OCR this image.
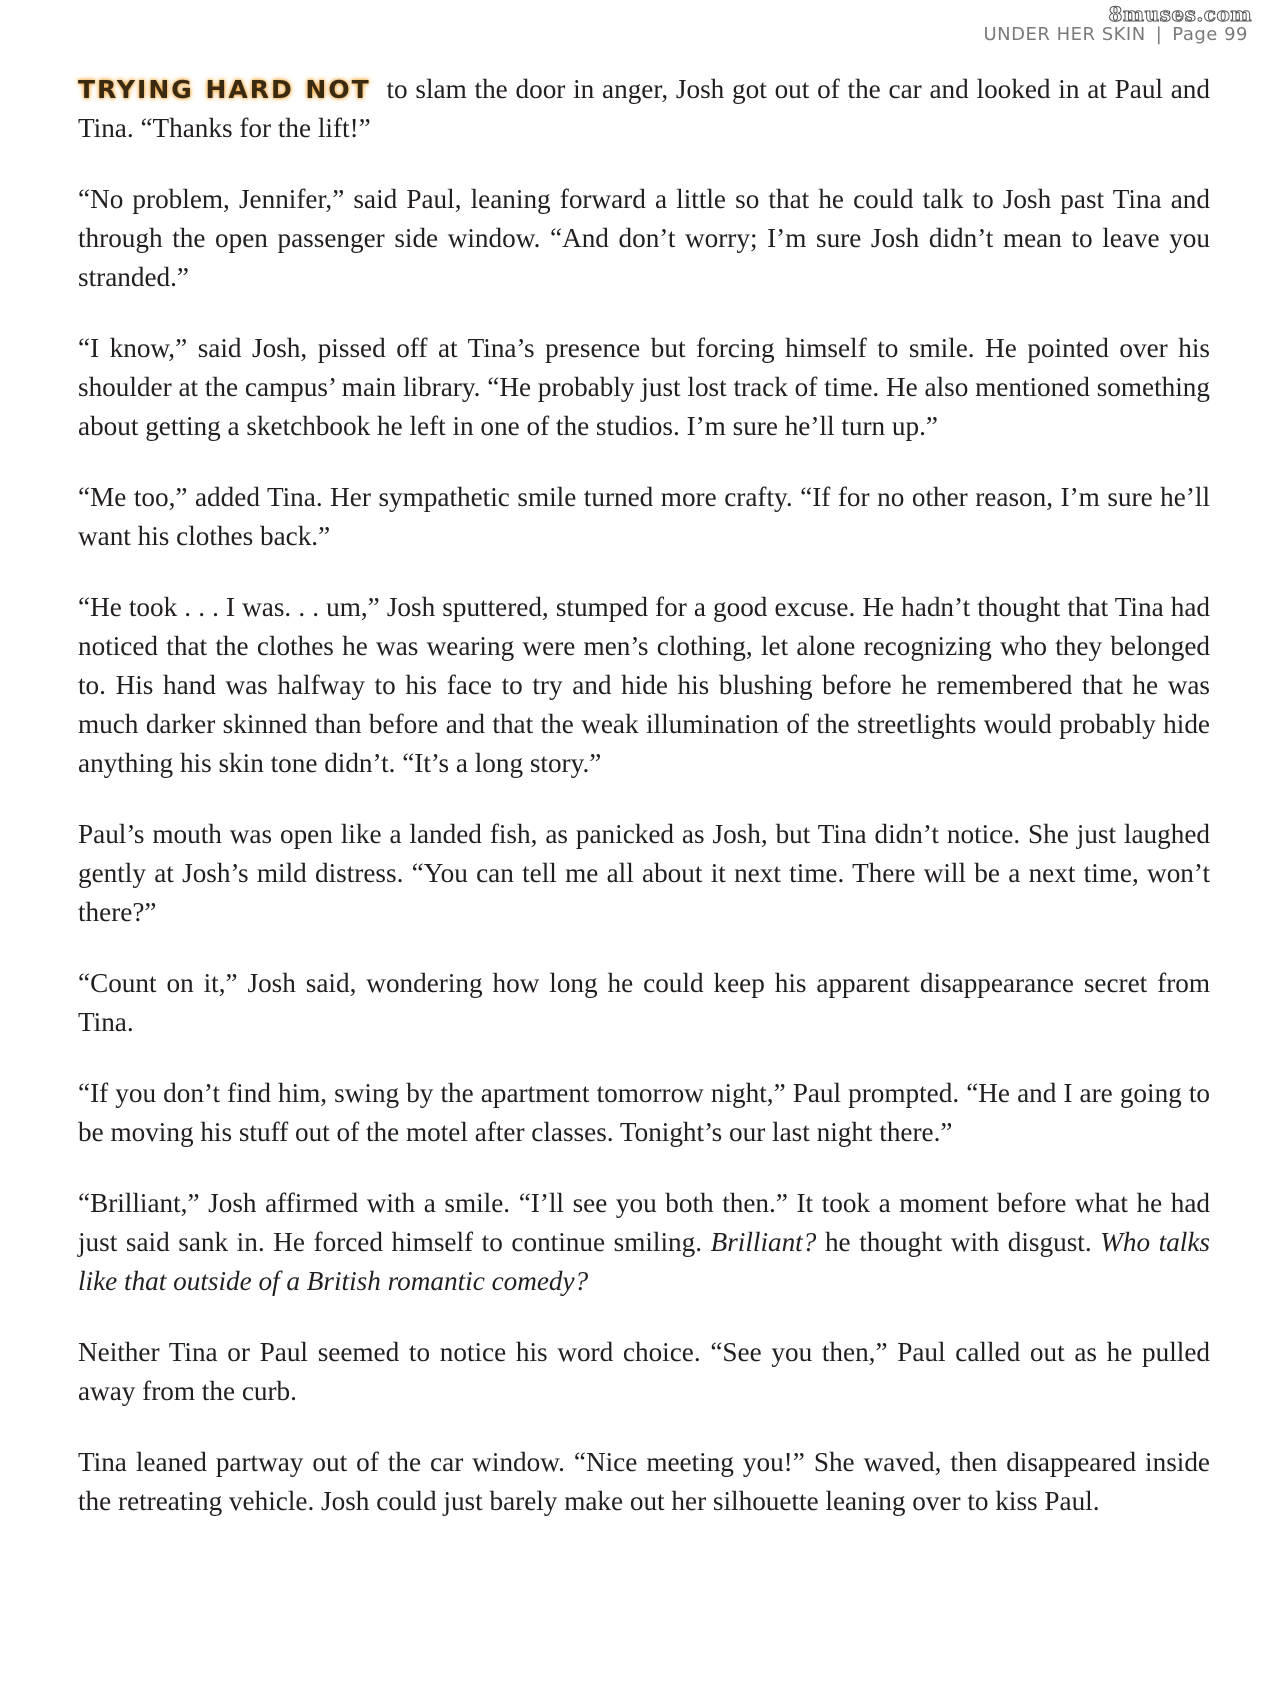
8muses.com
UNDER HER SKIN | Page 99

TRYING HARD NOT to slam the door in anger, Josh got out of the car and looked in at Paul and Tina. “Thanks for the lift!”

“No problem, Jennifer,” said Paul, leaning forward a little so that he could talk to Josh past Tina and through the open passenger side window. “And don’t worry; I’m sure Josh didn’t mean to leave you stranded.”

“I know,” said Josh, pissed off at Tina’s presence but forcing himself to smile. He pointed over his shoulder at the campus’ main library. “He probably just lost track of time. He also mentioned something about getting a sketchbook he left in one of the studios. I’m sure he’ll turn up.”

“Me too,” added Tina. Her sympathetic smile turned more crafty. “If for no other reason, I’m sure he’ll want his clothes back.”

“He took . . . I was. . . um,” Josh sputtered, stumped for a good excuse. He hadn’t thought that Tina had noticed that the clothes he was wearing were men’s clothing, let alone recognizing who they belonged to. His hand was halfway to his face to try and hide his blushing before he remembered that he was much darker skinned than before and that the weak illumination of the streetlights would probably hide anything his skin tone didn’t. “It’s a long story.”

Paul’s mouth was open like a landed fish, as panicked as Josh, but Tina didn’t notice. She just laughed gently at Josh’s mild distress. “You can tell me all about it next time. There will be a next time, won’t there?”

“Count on it,” Josh said, wondering how long he could keep his apparent disappearance secret from Tina.

“If you don’t find him, swing by the apartment tomorrow night,” Paul prompted. “He and I are going to be moving his stuff out of the motel after classes. Tonight’s our last night there.”

“Brilliant,” Josh affirmed with a smile. “I’ll see you both then.” It took a moment before what he had just said sank in. He forced himself to continue smiling. Brilliant? he thought with disgust. Who talks like that outside of a British romantic comedy?

Neither Tina or Paul seemed to notice his word choice. “See you then,” Paul called out as he pulled away from the curb.

Tina leaned partway out of the car window. “Nice meeting you!” She waved, then disappeared inside the retreating vehicle. Josh could just barely make out her silhouette leaning over to kiss Paul.
